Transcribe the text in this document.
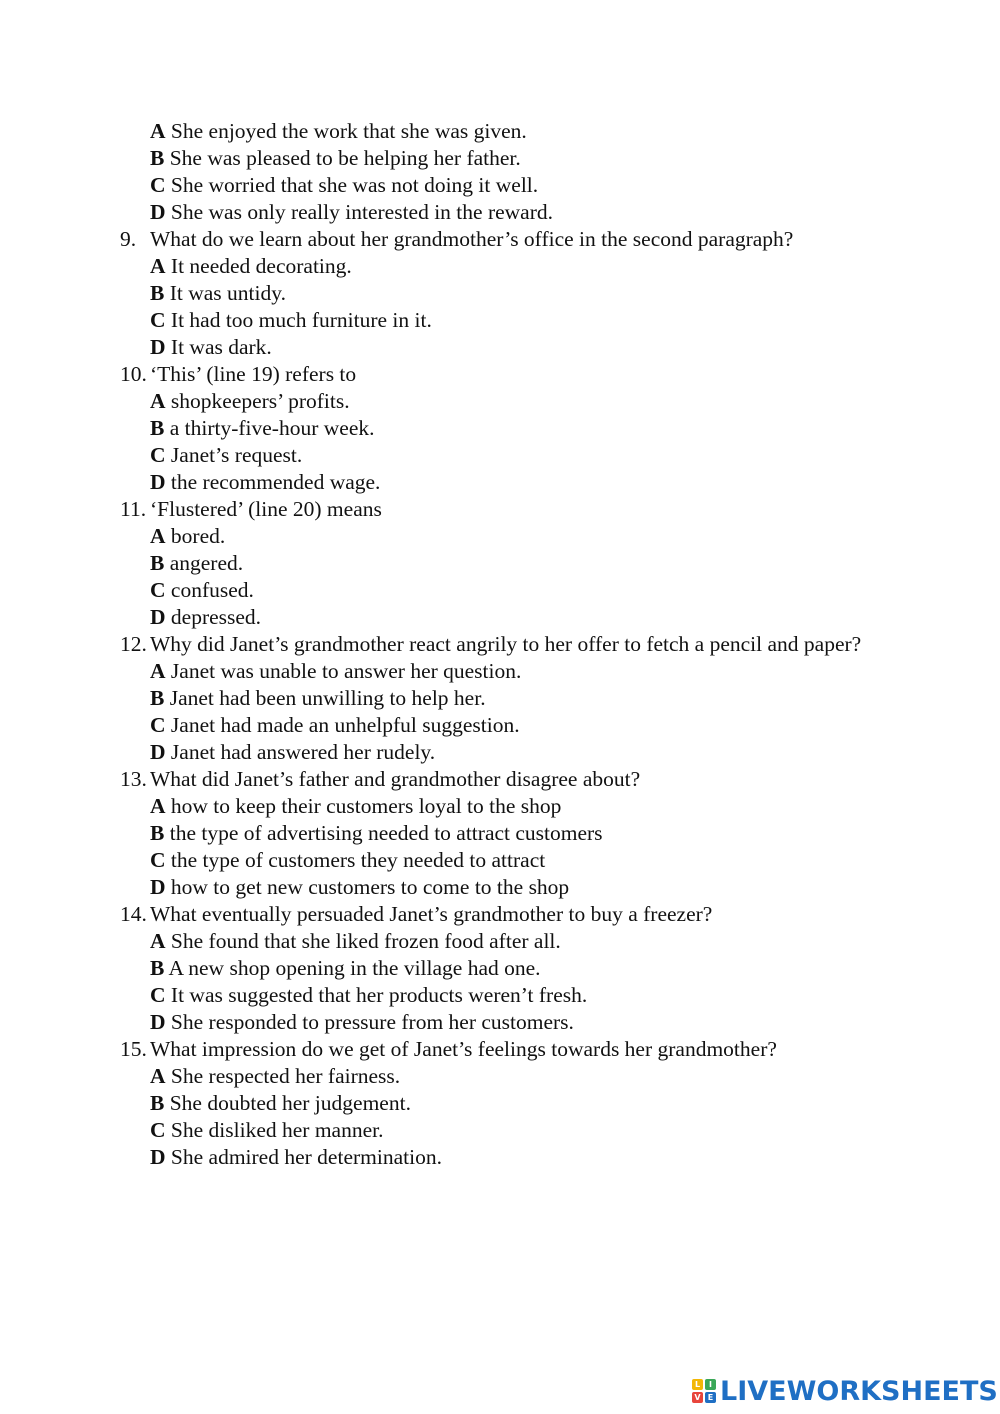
A She enjoyed the work that she was given.
B She was pleased to be helping her father.
C She worried that she was not doing it well.
D She was only really interested in the reward.
9. What do we learn about her grandmother’s office in the second paragraph?
A It needed decorating.
B It was untidy.
C It had too much furniture in it.
D It was dark.
10. ‘This’ (line 19) refers to
A shopkeepers’ profits.
B a thirty-five-hour week.
C Janet’s request.
D the recommended wage.
11. ‘Flustered’ (line 20) means
A bored.
B angered.
C confused.
D depressed.
12. Why did Janet’s grandmother react angrily to her offer to fetch a pencil and paper?
A Janet was unable to answer her question.
B Janet had been unwilling to help her.
C Janet had made an unhelpful suggestion.
D Janet had answered her rudely.
13. What did Janet’s father and grandmother disagree about?
A how to keep their customers loyal to the shop
B the type of advertising needed to attract customers
C the type of customers they needed to attract
D how to get new customers to come to the shop
14. What eventually persuaded Janet’s grandmother to buy a freezer?
A She found that she liked frozen food after all.
B A new shop opening in the village had one.
C It was suggested that her products weren’t fresh.
D She responded to pressure from her customers.
15. What impression do we get of Janet’s feelings towards her grandmother?
A She respected her fairness.
B She doubted her judgement.
C She disliked her manner.
D She admired her determination.
L	I
V E LIVEWORKSHEETS
